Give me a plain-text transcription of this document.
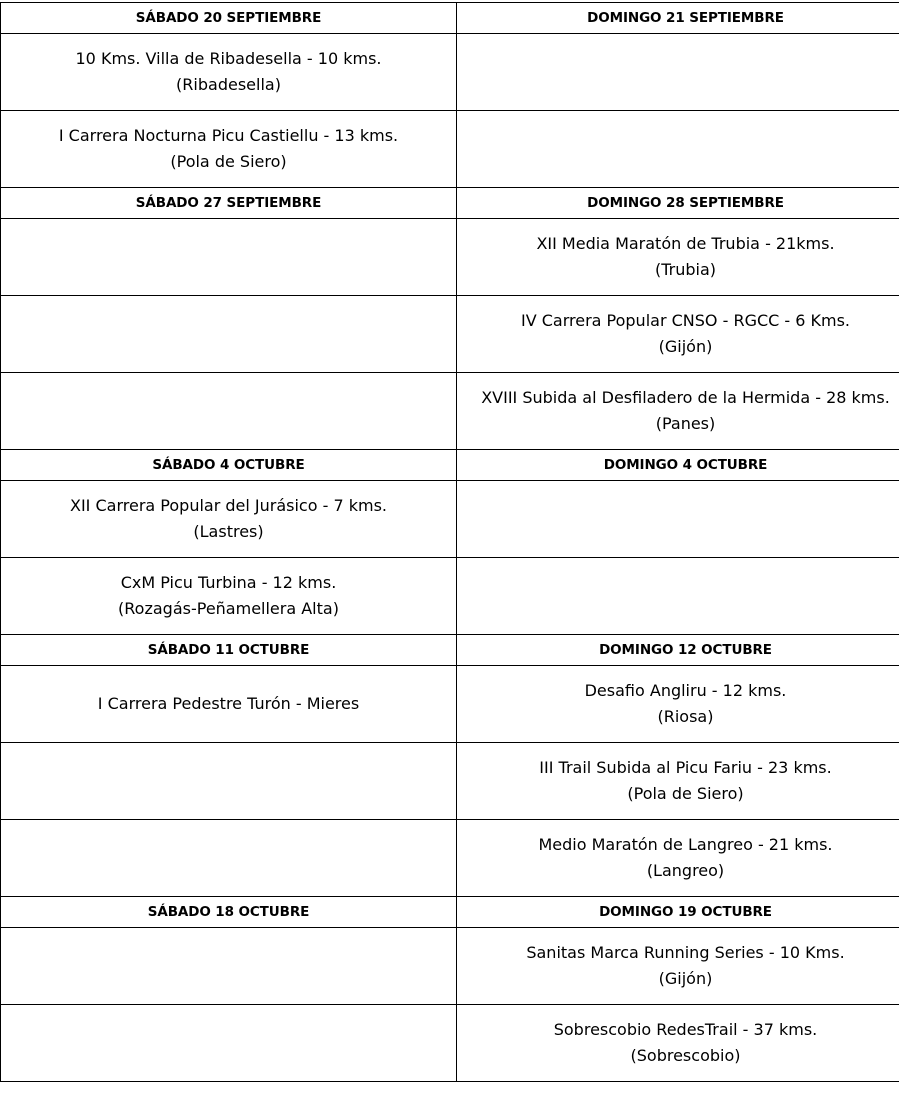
SÁBADO 20 SEPTIEMBRE	DOMINGO 21 SEPTIEMBRE

10 Kms. Villa de Ribadesella - 10 kms.
(Ribadesella)	

I Carrera Nocturna Picu Castiellu - 13 kms.
(Pola de Siero)	

SÁBADO 27 SEPTIEMBRE	DOMINGO 28 SEPTIEMBRE

	XII Media Maratón de Trubia - 21kms.
(Trubia)

	IV Carrera Popular CNSO - RGCC - 6 Kms.
(Gijón)

	XVIII Subida al Desfiladero de la Hermida - 28 kms.
(Panes)

SÁBADO 4 OCTUBRE	DOMINGO 4 OCTUBRE

XII Carrera Popular del Jurásico - 7 kms.
(Lastres)	

CxM Picu Turbina - 12 kms.
(Rozagás-Peñamellera Alta)	

SÁBADO 11 OCTUBRE	DOMINGO 12 OCTUBRE

I Carrera Pedestre Turón - Mieres	Desafio Angliru - 12 kms.
(Riosa)

	III Trail Subida al Picu Fariu - 23 kms.
(Pola de Siero)

	Medio Maratón de Langreo - 21 kms.
(Langreo)

SÁBADO 18 OCTUBRE	DOMINGO 19 OCTUBRE

	Sanitas Marca Running Series - 10 Kms.
(Gijón)

	Sobrescobio RedesTrail - 37 kms.
(Sobrescobio)
